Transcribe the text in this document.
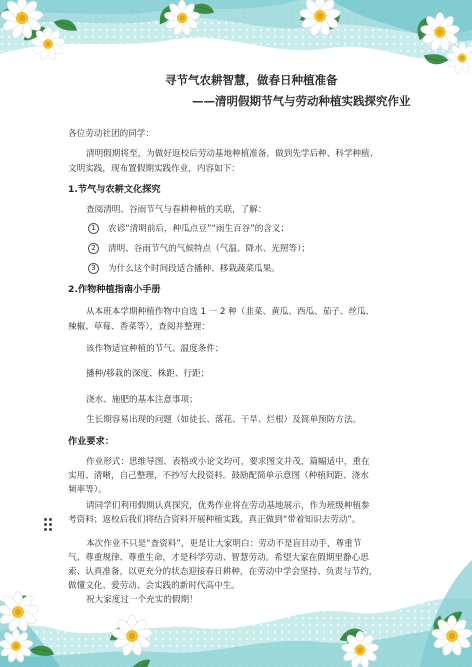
寻节气农耕智慧，做春日种植准备
——清明假期节气与劳动种植实践探究作业
各位劳动社团的同学：
清明假期将至，为做好返校后劳动基地种植准备，做到先学后种、科学种植、
文明实践，现布置假期实践作业，内容如下：
1.节气与农耕文化探究
查阅清明、谷雨节气与春耕种植的关联，了解：
1	农谚“清明前后，种瓜点豆”“雨生百谷”的含义；
2	清明、谷雨节气的气候特点（气温、降水、光照等）；
3	为什么这个时间段适合播种、移栽蔬菜瓜果。
2.作物种植指南小手册
从本班本学期种植作物中自选 1 一 2 种（韭菜、黄瓜、西瓜、茄子、丝瓜、
辣椒、草莓、香菜等），查阅并整理：
该作物适宜种植的节气、温度条件；
播种/移栽的深度、株距、行距；
浇水、施肥的基本注意事项；
生长期容易出现的问题（如徒长、落花、干旱、烂根）及简单预防方法。
作业要求：
作业形式：思维导图、表格或小论文均可，要求图文并茂，篇幅适中，重在
实用、清晰，自己整理，不抄写大段资料。鼓励配简单示意图（种植间距、浇水
频率等）。
请同学们利用假期认真探究，优秀作业将在劳动基地展示，作为班级种植参
考资料；返校后我们将结合资料开展种植实践，真正做到“带着知识去劳动”。
本次作业不只是“查资料”，更是让大家明白：劳动不是盲目动手，尊重节
气、尊重规律、尊重生命，才是科学劳动、智慧劳动。希望大家在假期里静心思
索、认真准备，以更充分的状态迎接春日耕种，在劳动中学会坚持、负责与节约，
做懂文化、爱劳动、会实践的新时代高中生。
祝大家度过一个充实的假期！
